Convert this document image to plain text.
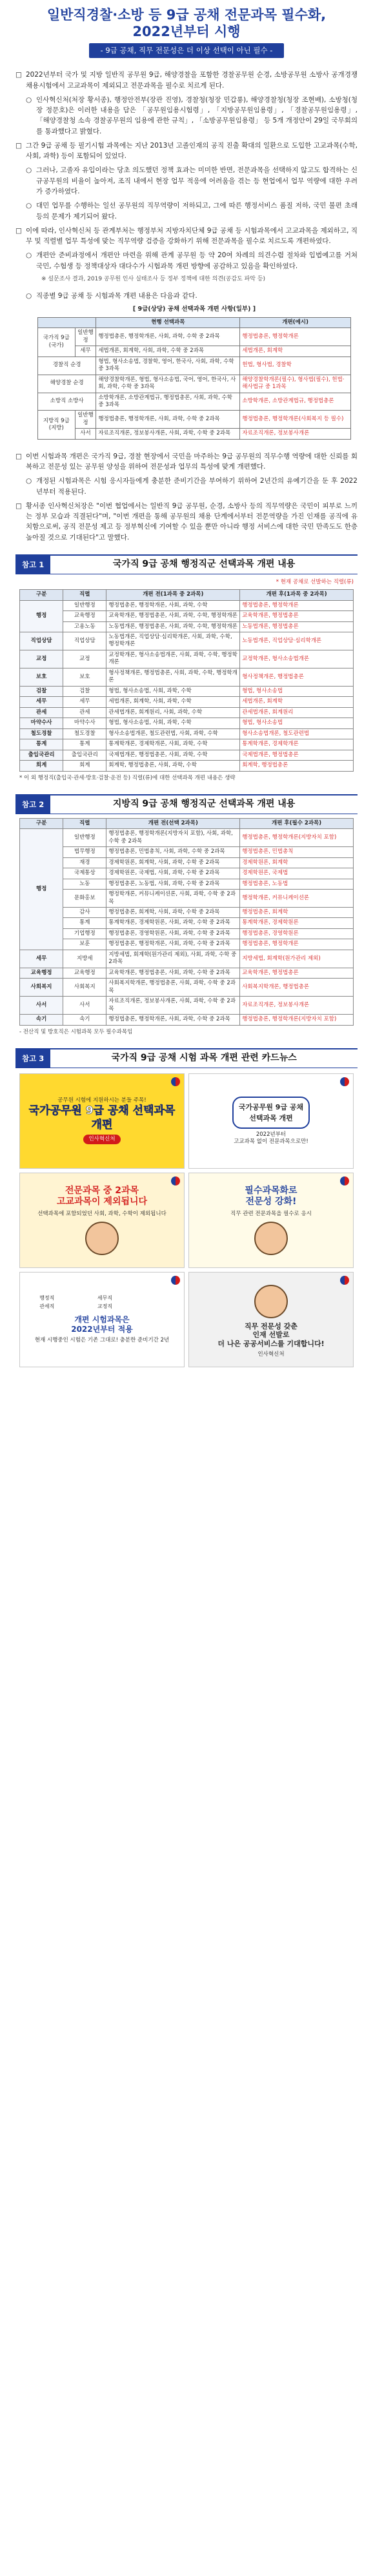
일반직경찰·소방 등 9급 공채 전문과목 필수화,
2022년부터 시행
- 9급 공채, 직무 전문성은 더 이상 선택이 아닌 필수 -

□ 2022년부터 국가 및 지방 일반직 공무원 9급, 해양경찰을 포함한 경찰공무원 순경, 소방공무원 소방사 공개경쟁채용시험에서 고교과목이 제외되고 전문과목을 필수로 치르게 된다.

○ 인사혁신처(처장 황서종), 행정안전부(장관 진영), 경찰청(청장 민갑룡), 해양경찰청(청장 조현배), 소방청(청장 정문호)은 이러한 내용을 담은 「공무원임용시험령」, 「지방공무원임용령」, 「경찰공무원임용령」, 「해양경찰청 소속 경찰공무원의 임용에 관한 규칙」, 「소방공무원임용령」 등 5개 개정안이 29일 국무회의를 통과했다고 밝혔다.

□ 그간 9급 공채 등 필기시험 과목에는 지난 2013년 고졸인재의 공직 진출 확대의 일환으로 도입한 고교과목(수학, 사회, 과학) 등이 포함되어 있었다.

○ 그러나, 고졸자 유입이라는 당초 의도했던 정책 효과는 미미한 반면, 전문과목을 선택하지 않고도 합격하는 신규공무원의 비율이 높아져, 조직 내에서 현장 업무 적응에 어려움을 겪는 등 현업에서 업무 역량에 대한 우려가 증가하였다.

○ 대민 업무를 수행하는 일선 공무원의 직무역량이 저하되고, 그에 따른 행정서비스 품질 저하, 국민 불편 초래 등의 문제가 제기되어 왔다.

□ 이에 따라, 인사혁신처 등 관계부처는 행정부처 지방자치단체 9급 공채 등 시험과목에서 고교과목을 제외하고, 직무 및 직렬별 업무 특성에 맞는 직무역량 검증을 강화하기 위해 전문과목을 필수로 치르도록 개편하였다.

○ 개편안 준비과정에서 개편안 마련을 위해 관계 공무원 등 약 20여 차례의 의견수렴 절차와 입법예고를 거쳐 국민, 수험생 등 정책대상자 대다수가 시험과목 개편 방향에 공감하고 있음을 확인하였다.

※ 설문조사 결과, 2019 공무원 인사 실태조사 등 정부 정책에 대한 의견(공감도 파악 등)

○ 직종별 9급 공채 등 시험과목 개편 내용은 다음과 같다.

[ 9급(상당) 공채 선택과목 개편 사항(일부) ]
		현행 선택과목	개편(예시)
국가직 9급 (국가)	일반행정	행정법총론, 행정학개론, 사회, 과학, 수학 중 2과목	행정법총론, 행정학개론
	세무	세법개론, 회계학, 사회, 과학, 수학 중 2과목	세법개론, 회계학
경찰직 순경		형법, 형사소송법, 경찰학, 영어, 한국사, 사회, 과학, 수학 중 3과목	헌법, 형사법, 경찰학
해양경찰 순경		해양경찰학개론, 형법, 형사소송법, 국어, 영어, 한국사, 사회, 과학, 수학 중 3과목	해양경찰학개론(필수), 형사법(필수), 헌법·해사법규 중 1과목
소방직 소방사		소방학개론, 소방관계법규, 행정법총론, 사회, 과학, 수학 중 3과목	소방학개론, 소방관계법규, 행정법총론
지방직 9급 (지방)	일반행정	행정법총론, 행정학개론, 사회, 과학, 수학 중 2과목	행정법총론, 행정학개론(사회복지 등 필수)
	사서	자료조직개론, 정보봉사개론, 사회, 과학, 수학 중 2과목	자료조직개론, 정보봉사개론

□ 이번 시험과목 개편은 국가직 9급, 경찰 현장에서 국민을 마주하는 9급 공무원의 직무수행 역량에 대한 신뢰를 회복하고 전문성 있는 공무원 양성을 위하여 전문성과 업무의 특성에 맞게 개편했다.

○ 개정된 시험과목은 시험 응시자들에게 충분한 준비기간을 부여하기 위하여 2년간의 유예기간을 둔 후 2022년부터 적용된다.

□ 황서종 인사혁신처장은 "이번 협업에서는 일반직 9급 공무원, 순경, 소방사 등의 직무역량은 국민이 피부로 느끼는 정부 모습과 직결된다"며, "이번 개편을 통해 공무원의 채용 단계에서부터 전문역량을 가진 인재를 공직에 유치함으로써, 공직 전문성 제고 등 정부혁신에 기여할 수 있을 뿐만 아니라 행정 서비스에 대한 국민 만족도도 한층 높아질 것으로 기대된다"고 말했다.

참고 1	국가직 9급 공채 행정직군 선택과목 개편 내용
* 현재 공채로 선발하는 직렬(류)
구분	직렬	개편 전(1과목 중 2과목)	개편 후(1과목 중 2과목)
행정	일반행정	행정법총론, 행정학개론, 사회, 과학, 수학	행정법총론, 행정학개론
	교육행정	교육학개론, 행정법총론, 사회, 과학, 수학, 행정학개론	교육학개론, 행정법총론
	고용노동	노동법개론, 행정법총론, 사회, 과학, 수학, 행정학개론	노동법개론, 행정법총론
직업상담	직업상담	노동법개론, 직업상담·심리학개론, 사회, 과학, 수학, 행정학개론	노동법개론, 직업상담·심리학개론
교정	교정	교정학개론, 형사소송법개론, 사회, 과학, 수학, 행정학개론	교정학개론, 형사소송법개론
보호	보호	형사정책개론, 행정법총론, 사회, 과학, 수학, 행정학개론	형사정책개론, 행정법총론
검찰	검찰	형법, 형사소송법, 사회, 과학, 수학	형법, 형사소송법
세무	세무	세법개론, 회계학, 사회, 과학, 수학	세법개론, 회계학
관세	관세	관세법개론, 회계원리, 사회, 과학, 수학	관세법개론, 회계원리
마약수사	마약수사	형법, 형사소송법, 사회, 과학, 수학	형법, 형사소송법
철도경찰	철도경찰	형사소송법개론, 철도관련법, 사회, 과학, 수학	형사소송법개론, 철도관련법
통계	통계	통계학개론, 경제학개론, 사회, 과학, 수학	통계학개론, 경제학개론
출입국관리	출입국관리	국제법개론, 행정법총론, 사회, 과학, 수학	국제법개론, 행정법총론
회계	회계	회계학, 행정법총론, 사회, 과학, 수학	회계학, 행정법총론
* 이 외 행정직(출입국·관세·방호·검찰·운전 등) 직렬(류)에 대한 선택과목 개편 내용은 생략
참고 2	지방직 9급 공채 행정직군 선택과목 개편 내용
구분	직렬	개편 전(선택 2과목)	개편 후(필수 2과목)
행정	일반행정	행정법총론, 행정학개론(지방자치 포함), 사회, 과학, 수학 중 2과목	행정법총론, 행정학개론(지방자치 포함)
	법무행정	행정법총론, 민법총칙, 사회, 과학, 수학 중 2과목	행정법총론, 민법총칙
	재경	경제학원론, 회계학, 사회, 과학, 수학 중 2과목	경제학원론, 회계학
	국제통상	경제학원론, 국제법, 사회, 과학, 수학 중 2과목	경제학원론, 국제법
	노동	행정법총론, 노동법, 사회, 과학, 수학 중 2과목	행정법총론, 노동법
	문화홍보	행정학개론, 커뮤니케이션론, 사회, 과학, 수학 중 2과목	행정학개론, 커뮤니케이션론
	감사	행정법총론, 회계학, 사회, 과학, 수학 중 2과목	행정법총론, 회계학
	통계	통계학개론, 경제학원론, 사회, 과학, 수학 중 2과목	통계학개론, 경제학원론
	기업행정	행정법총론, 경영학원론, 사회, 과학, 수학 중 2과목	행정법총론, 경영학원론
	보훈	행정법총론, 행정학개론, 사회, 과학, 수학 중 2과목	행정법총론, 행정학개론
세무	지방세	지방세법, 회계학(원가관리 제외), 사회, 과학, 수학 중 2과목	지방세법, 회계학(원가관리 제외)
교육행정	교육행정	교육학개론, 행정법총론, 사회, 과학, 수학 중 2과목	교육학개론, 행정법총론
사회복지	사회복지	사회복지학개론, 행정법총론, 사회, 과학, 수학 중 2과목	사회복지학개론, 행정법총론
사서	사서	자료조직개론, 정보봉사개론, 사회, 과학, 수학 중 2과목	자료조직개론, 정보봉사개론
속기	속기	행정법총론, 행정학개론, 사회, 과학, 수학 중 2과목	행정법총론, 행정학개론(지방자치 포함)
- 전산직 및 방호직은 시험과목 모두 필수과목임
참고 3	국가직 9급 공채 시험 과목 개편 관련 카드뉴스
공무원 시험에 지원하시는 분들 주목!
국가공무원 9급 공채 선택과목 개편
인사혁신처
국가공무원 9급 공채
선택과목 개편
2022년부터
고교과목 없이 전문과목으로만!
전문과목 중 2과목
고교과목이 제외됩니다
선택과목에 포함되었던 사회, 과학, 수학이 제외됩니다
필수과목화로
전문성 강화!
직무 관련 전문과목을 필수로 응시
행정직	세무직 관세직	교정직
개편 시험과목은
2022년부터 적용
현재 시행중인 시험은 기존 그대로! 충분한 준비기간 2년
직무 전문성 갖춘
인재 선발로
더 나은 공공서비스를 기대합니다!
인사혁신처
